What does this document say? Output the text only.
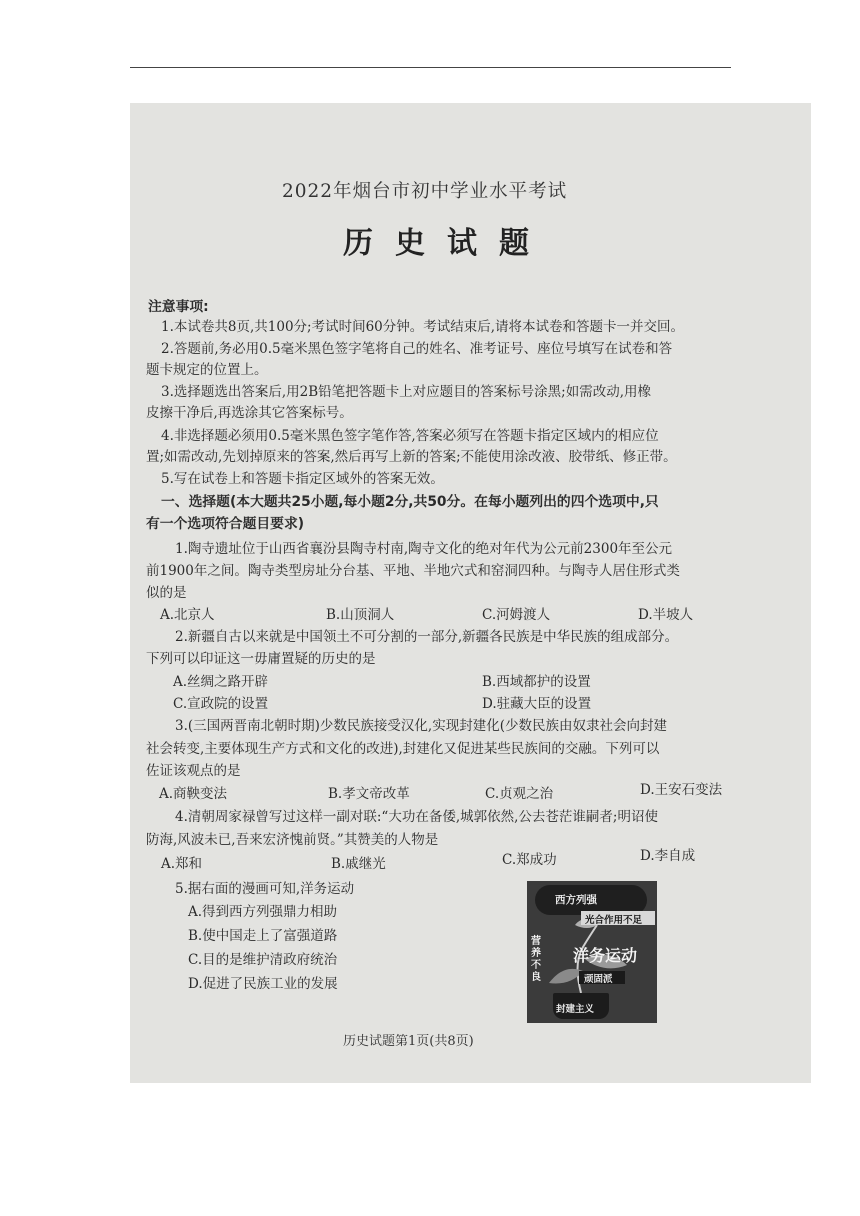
2022年烟台市初中学业水平考试
历史试题
注意事项:
1.本试卷共8页,共100分;考试时间60分钟。考试结束后,请将本试卷和答题卡一并交回。
2.答题前,务必用0.5毫米黑色签字笔将自己的姓名、准考证号、座位号填写在试卷和答
题卡规定的位置上。
3.选择题选出答案后,用2B铅笔把答题卡上对应题目的答案标号涂黑;如需改动,用橡
皮擦干净后,再选涂其它答案标号。
4.非选择题必须用0.5毫米黑色签字笔作答,答案必须写在答题卡指定区域内的相应位
置;如需改动,先划掉原来的答案,然后再写上新的答案;不能使用涂改液、胶带纸、修正带。
5.写在试卷上和答题卡指定区域外的答案无效。
一、选择题(本大题共25小题,每小题2分,共50分。在每小题列出的四个选项中,只
有一个选项符合题目要求)
1.陶寺遗址位于山西省襄汾县陶寺村南,陶寺文化的绝对年代为公元前2300年至公元
前1900年之间。陶寺类型房址分台基、平地、半地穴式和窑洞四种。与陶寺人居住形式类
似的是
A.北京人	B.山顶洞人	C.河姆渡人	D.半坡人
2.新疆自古以来就是中国领土不可分割的一部分,新疆各民族是中华民族的组成部分。
下列可以印证这一毋庸置疑的历史的是
A.丝绸之路开辟	B.西域都护的设置
C.宣政院的设置	D.驻藏大臣的设置
3.(三国两晋南北朝时期)少数民族接受汉化,实现封建化(少数民族由奴隶社会向封建
社会转变,主要体现生产方式和文化的改进),封建化又促进某些民族间的交融。下列可以
佐证该观点的是
A.商鞅变法	B.孝文帝改革	C.贞观之治	D.王安石变法
4.清朝周家禄曾写过这样一副对联:“大功在备倭,城郭依然,公去苍茫谁嗣者;明诏使
防海,风波未已,吾来宏济愧前贤。”其赞美的人物是
A.郑和	B.戚继光	C.郑成功	D.李自成
5.据右面的漫画可知,洋务运动
A.得到西方列强鼎力相助
B.使中国走上了富强道路
C.目的是维护清政府统治
D.促进了民族工业的发展
西方列强
光合作用不足
营养不良
洋务运动
顽固派
封建主义
历史试题第1页(共8页)
